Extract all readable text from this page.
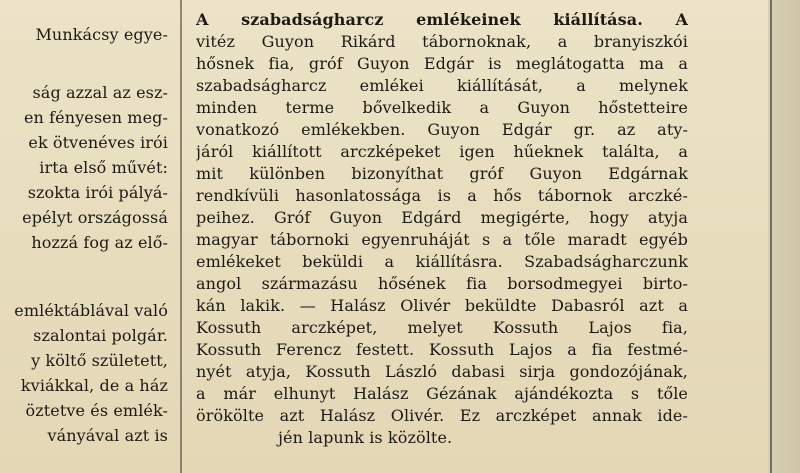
Munkácsy egye-
ság azzal az esz-
en fényesen meg-
ek ötvenéves irói
irta első művét:
szokta irói pályá-
epélyt országossá
hozzá fog az elő-
emléktáblával való
szalontai polgár.
y költő született,
kviákkal, de a ház
öztetve és emlék-
ványával azt is
A szabadságharcz emlékeinek kiállítása. A
vitéz Guyon Rikárd tábornoknak, a branyiszkói
hősnek fia, gróf Guyon Edgár is meglátogatta ma a
szabadságharcz emlékei kiállítását, a melynek
minden terme bővelkedik a Guyon hőstetteire
vonatkozó emlékekben. Guyon Edgár gr. az aty-
járól kiállított arczképeket igen hűeknek találta, a
mit különben bizonyíthat gróf Guyon Edgárnak
rendkívüli hasonlatossága is a hős tábornok arczké-
peihez. Gróf Guyon Edgárd megigérte, hogy atyja
magyar tábornoki egyenruháját s a tőle maradt egyéb
emlékeket beküldi a kiállításra. Szabadságharczunk
angol származásu hősének fia borsodmegyei birto-
kán lakik. — Halász Olivér beküldte Dabasról azt a
Kossuth arczképet, melyet Kossuth Lajos fia,
Kossuth Ferencz festett. Kossuth Lajos a fia festmé-
nyét atyja, Kossuth László dabasi sirja gondozójának,
a már elhunyt Halász Gézának ajándékozta s tőle
örökölte azt Halász Olivér. Ez arczképet annak ide-
jén lapunk is közölte.
